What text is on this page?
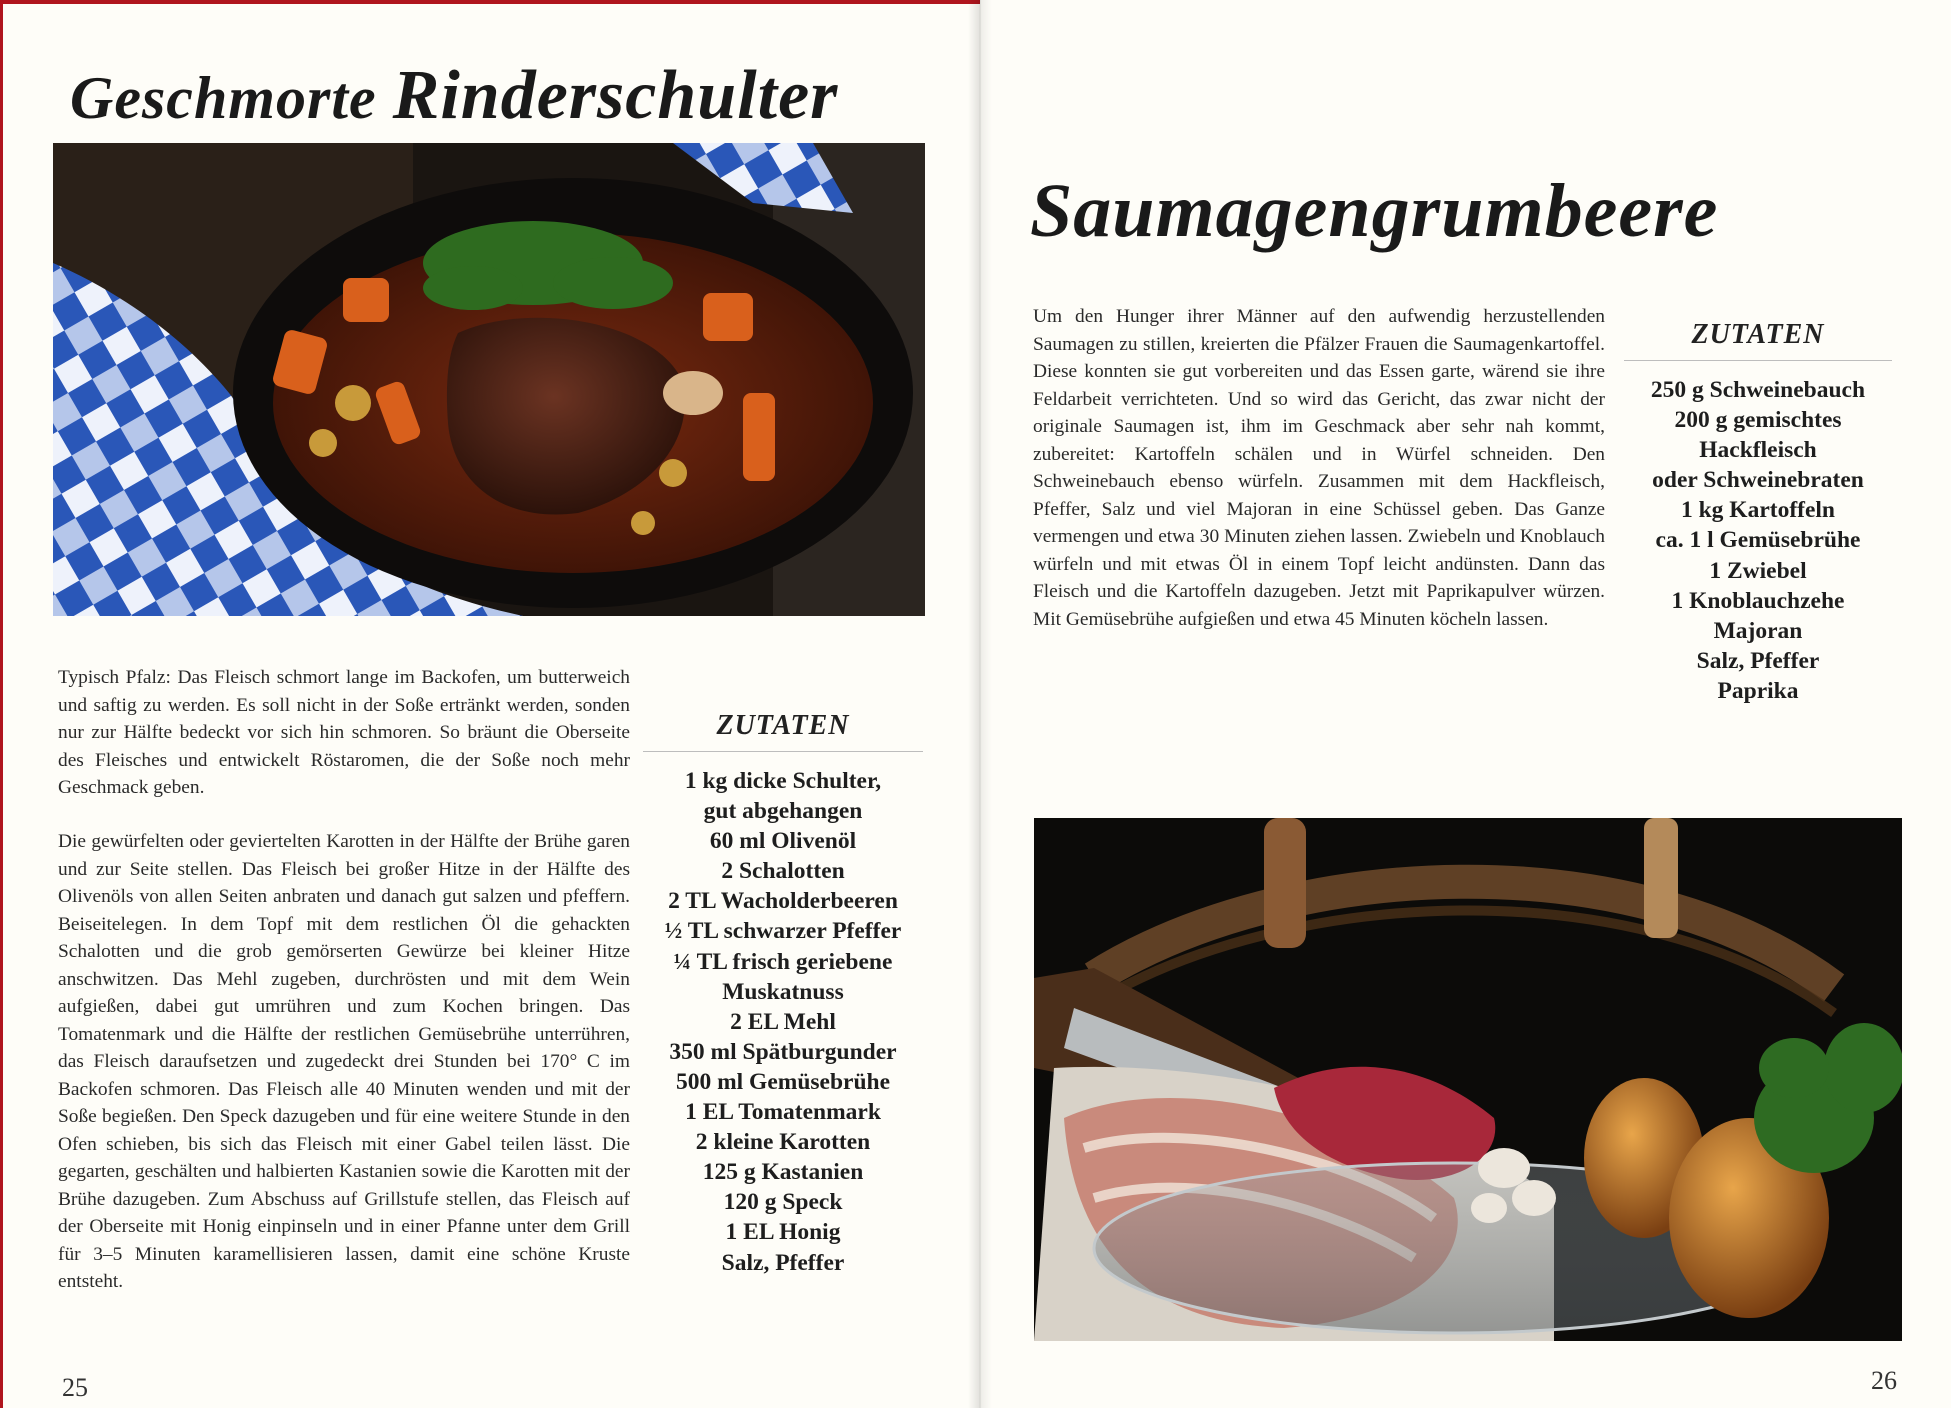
Geschmorte Rinderschulter

Typisch Pfalz: Das Fleisch schmort lange im Backofen, um butterweich und saftig zu werden. Es soll nicht in der Soße ertränkt werden, sonden nur zur Hälfte bedeckt vor sich hin schmoren. So bräunt die Oberseite des Fleisches und entwickelt Röstaromen, die der Soße noch mehr Geschmack geben.

Die gewürfelten oder geviertelten Karotten in der Hälfte der Brühe garen und zur Seite stellen. Das Fleisch bei großer Hitze in der Hälfte des Olivenöls von allen Seiten anbraten und danach gut salzen und pfeffern. Beiseitelegen. In dem Topf mit dem restlichen Öl die gehackten Schalotten und die grob gemörserten Gewürze bei kleiner Hitze anschwitzen. Das Mehl zugeben, durchrösten und mit dem Wein aufgießen, dabei gut umrühren und zum Kochen bringen. Das Tomatenmark und die Hälfte der restlichen Gemüsebrühe unterrühren, das Fleisch daraufsetzen und zugedeckt drei Stunden bei 170° C im Backofen schmoren. Das Fleisch alle 40 Minuten wenden und mit der Soße begießen. Den Speck dazugeben und für eine weitere Stunde in den Ofen schieben, bis sich das Fleisch mit einer Gabel teilen lässt. Die gegarten, geschälten und halbierten Kastanien sowie die Karotten mit der Brühe dazugeben. Zum Abschuss auf Grillstufe stellen, das Fleisch auf der Oberseite mit Honig einpinseln und in einer Pfanne unter dem Grill für 3–5 Minuten karamellisieren lassen, damit eine schöne Kruste entsteht.

ZUTATEN
1 kg dicke Schulter,
gut abgehangen
60 ml Olivenöl
2 Schalotten
2 TL Wacholderbeeren
½ TL schwarzer Pfeffer
¼ TL frisch geriebene
Muskatnuss
2 EL Mehl
350 ml Spätburgunder
500 ml Gemüsebrühe
1 EL Tomatenmark
2 kleine Karotten
125 g Kastanien
120 g Speck
1 EL Honig
Salz, Pfeffer

25

Saumagengrumbeere

Um den Hunger ihrer Männer auf den aufwendig herzustellenden Saumagen zu stillen, kreierten die Pfälzer Frauen die Saumagenkartoffel. Diese konnten sie gut vorbereiten und das Essen garte, wärend sie ihre Feldarbeit verrichteten. Und so wird das Gericht, das zwar nicht der originale Saumagen ist, ihm im Geschmack aber sehr nah kommt, zubereitet: Kartoffeln schälen und in Würfel schneiden. Den Schweinebauch ebenso würfeln. Zusammen mit dem Hackfleisch, Pfeffer, Salz und viel Majoran in eine Schüssel geben. Das Ganze vermengen und etwa 30 Minuten ziehen lassen. Zwiebeln und Knoblauch würfeln und mit etwas Öl in einem Topf leicht andünsten. Dann das Fleisch und die Kartoffeln dazugeben. Jetzt mit Paprikapulver würzen. Mit Gemüsebrühe aufgießen und etwa 45 Minuten köcheln lassen.

ZUTATEN
250 g Schweinebauch
200 g gemischtes
Hackfleisch
oder Schweinebraten
1 kg Kartoffeln
ca. 1 l Gemüsebrühe
1 Zwiebel
1 Knoblauchzehe
Majoran
Salz, Pfeffer
Paprika

26
